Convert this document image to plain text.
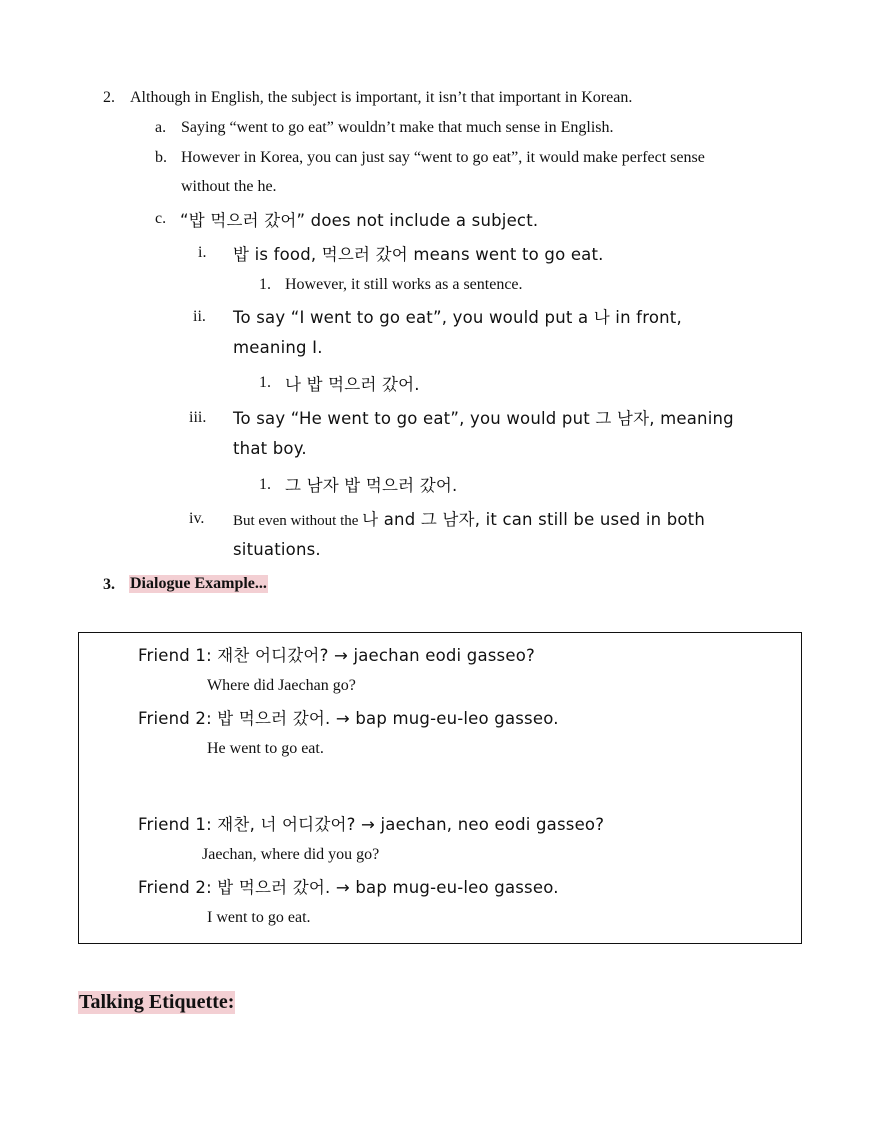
2. Although in English, the subject is important, it isn’t that important in Korean.
a. Saying “went to go eat” wouldn’t make that much sense in English.
b. However in Korea, you can just say “went to go eat”, it would make perfect sense
without the he.
c. “밥 먹으러 갔어” does not include a subject.
i. 밥 is food, 먹으러 갔어 means went to go eat.
1. However, it still works as a sentence.
ii. To say “I went to go eat”, you would put a 나 in front,
meaning I.
1. 나 밥 먹으러 갔어.
iii. To say “He went to go eat”, you would put 그 남자, meaning
that boy.
1. 그 남자 밥 먹으러 갔어.
iv. But even without the 나 and 그 남자, it can still be used in both
situations.
3. Dialogue Example...
Friend 1: 재찬 어디갔어? → jaechan eodi gasseo?
Where did Jaechan go?
Friend 2: 밥 먹으러 갔어. → bap mug-eu-leo gasseo.
He went to go eat.
Friend 1: 재찬, 너 어디갔어? → jaechan, neo eodi gasseo?
Jaechan, where did you go?
Friend 2: 밥 먹으러 갔어. → bap mug-eu-leo gasseo.
I went to go eat.
Talking Etiquette:
